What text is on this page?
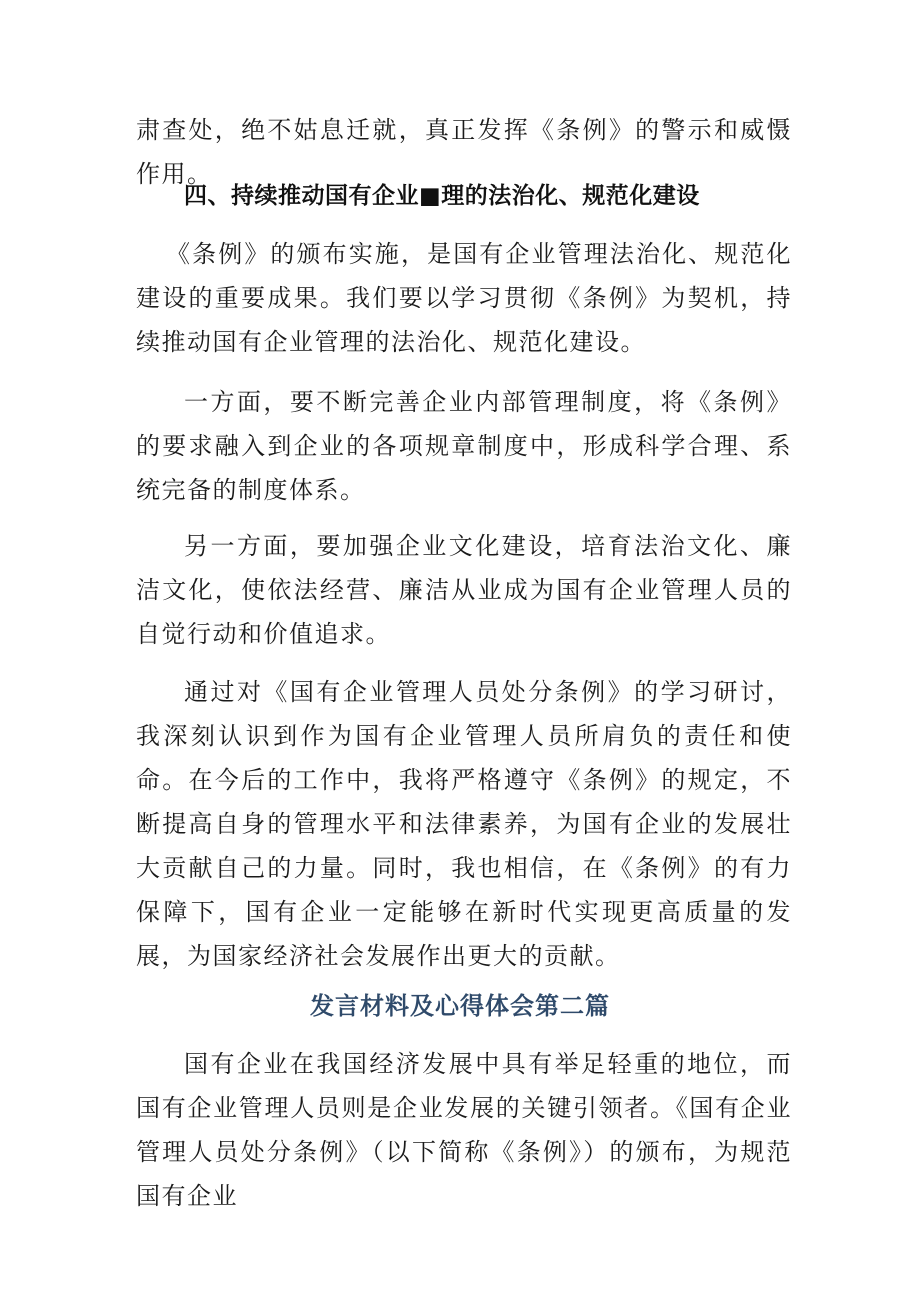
肃查处，绝不姑息迁就，真正发挥《条例》的警示和威慑作用。

四、持续推动国有企业■理的法治化、规范化建设

《条例》的颁布实施，是国有企业管理法治化、规范化建设的重要成果。我们要以学习贯彻《条例》为契机，持续推动国有企业管理的法治化、规范化建设。

一方面，要不断完善企业内部管理制度，将《条例》的要求融入到企业的各项规章制度中，形成科学合理、系统完备的制度体系。

另一方面，要加强企业文化建设，培育法治文化、廉洁文化，使依法经营、廉洁从业成为国有企业管理人员的自觉行动和价值追求。

通过对《国有企业管理人员处分条例》的学习研讨，我深刻认识到作为国有企业管理人员所肩负的责任和使命。在今后的工作中，我将严格遵守《条例》的规定，不断提高自身的管理水平和法律素养，为国有企业的发展壮大贡献自己的力量。同时，我也相信，在《条例》的有力保障下，国有企业一定能够在新时代实现更高质量的发展，为国家经济社会发展作出更大的贡献。

发言材料及心得体会第二篇

国有企业在我国经济发展中具有举足轻重的地位，而国有企业管理人员则是企业发展的关键引领者。《国有企业管理人员处分条例》（以下简称《条例》）的颁布，为规范国有企业
